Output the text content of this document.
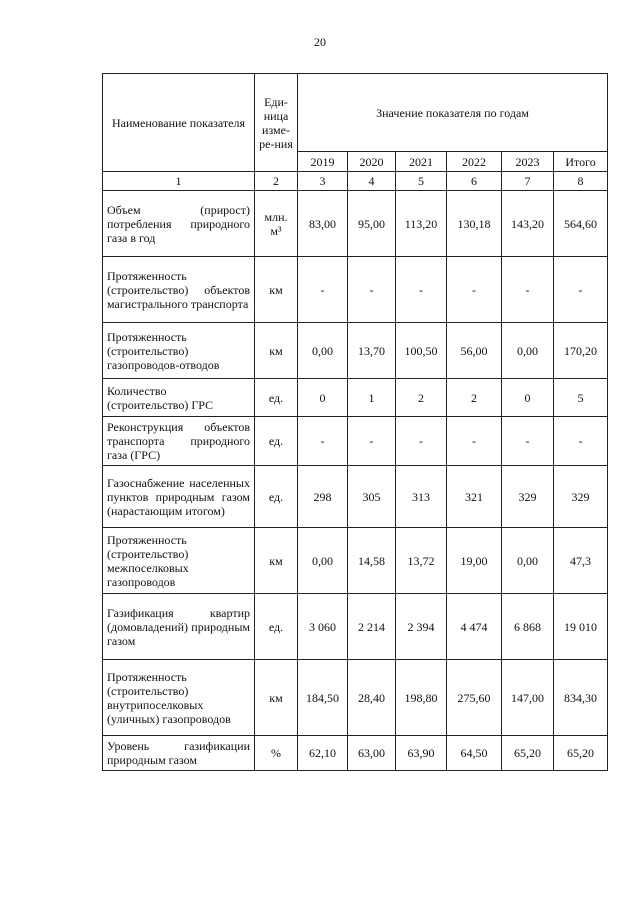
20
Наименование показателя	Еди-ница изме-ре-ния	Значение показателя по годам					
		2019	2020	2021	2022	2023	Итого
1	2	3	4	5	6	7	8
Объем (прирост) потребления природного газа в год	млн. м³	83,00	95,00	113,20	130,18	143,20	564,60
Протяженность (строительство) объектов магистрального транспорта	км	-	-	-	-	-	-
Протяженность (строительство) газопроводов-отводов	км	0,00	13,70	100,50	56,00	0,00	170,20
Количество (строительство) ГРС	ед.	0	1	2	2	0	5
Реконструкция объектов транспорта природного газа (ГРС)	ед.	-	-	-	-	-	-
Газоснабжение населенных пунктов природным газом (нарастающим итогом)	ед.	298	305	313	321	329	329
Протяженность (строительство) межпоселковых газопроводов	км	0,00	14,58	13,72	19,00	0,00	47,3
Газификация квартир (домовладений) природным газом	ед.	3 060	2 214	2 394	4 474	6 868	19 010
Протяженность (строительство) внутрипоселковых (уличных) газопроводов	км	184,50	28,40	198,80	275,60	147,00	834,30
Уровень газификации природным газом	%	62,10	63,00	63,90	64,50	65,20	65,20
